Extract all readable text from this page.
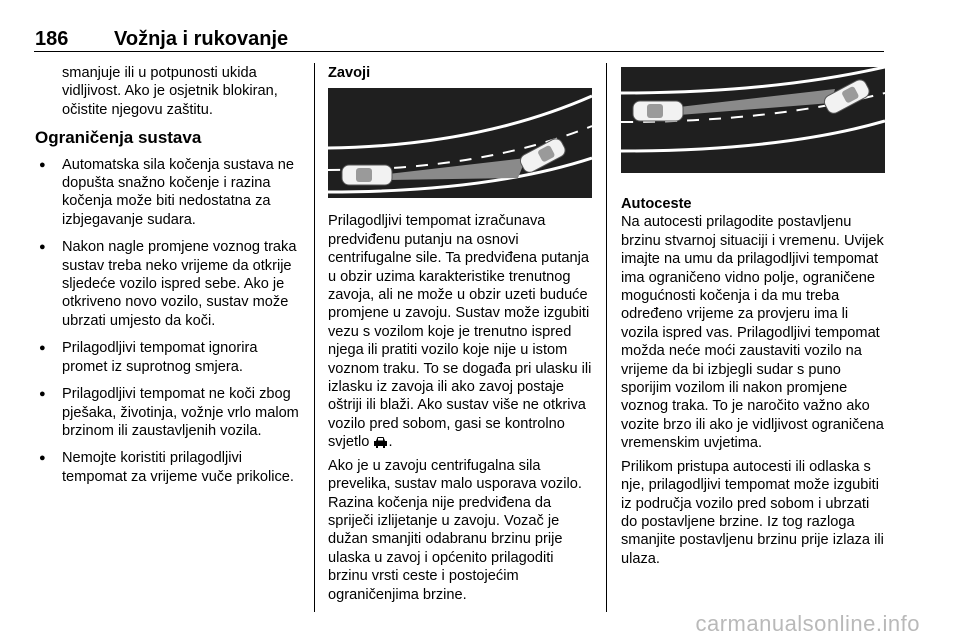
186 Vožnja i rukovanje

smanjuje ili u potpunosti ukida vidljivost. Ako je osjetnik blokiran, očistite njegovu zaštitu.

Ograničenja sustava
● Automatska sila kočenja sustava ne dopušta snažno kočenje i razina kočenja može biti nedostatna za izbjegavanje sudara.
● Nakon nagle promjene voznog traka sustav treba neko vrijeme da otkrije sljedeće vozilo ispred sebe. Ako je otkriveno novo vozilo, sustav može ubrzati umjesto da koči.
● Prilagodljivi tempomat ignorira promet iz suprotnog smjera.
● Prilagodljivi tempomat ne koči zbog pješaka, životinja, vožnje vrlo malom brzinom ili zaustavljenih vozila.
● Nemojte koristiti prilagodljivi tempomat za vrijeme vuče prikolice.
Zavoji

Prilagodljivi tempomat izračunava predviđenu putanju na osnovi centrifugalne sile. Ta predviđena putanja u obzir uzima karakteristike trenutnog zavoja, ali ne može u obzir uzeti buduće promjene u zavoju. Sustav može izgubiti vezu s vozilom koje je trenutno ispred njega ili pratiti vozilo koje nije u istom voznom traku. To se događa pri ulasku ili izlasku iz zavoja ili ako zavoj postaje oštriji ili blaži. Ako sustav više ne otkriva vozilo pred sobom, gasi se kontrolno svjetlo .

Ako je u zavoju centrifugalna sila prevelika, sustav malo usporava vozilo. Razina kočenja nije predviđena da spriječi izlijetanje u zavoju. Vozač je dužan smanjiti odabranu brzinu prije ulaska u zavoj i općenito prilagoditi brzinu vrsti ceste i postojećim ograničenjima brzine.

Autoceste

Na autocesti prilagodite postavljenu brzinu stvarnoj situaciji i vremenu. Uvijek imajte na umu da prilagodljivi tempomat ima ograničeno vidno polje, ograničene mogućnosti kočenja i da mu treba određeno vrijeme za provjeru ima li vozila ispred vas. Prilagodljivi tempomat možda neće moći zaustaviti vozilo na vrijeme da bi izbjegli sudar s puno sporijim vozilom ili nakon promjene voznog traka. To je naročito važno ako vozite brzo ili ako je vidljivost ograničena vremenskim uvjetima.

Prilikom pristupa autocesti ili odlaska s nje, prilagodljivi tempomat može izgubiti iz područja vozilo pred sobom i ubrzati do postavljene brzine. Iz tog razloga smanjite postavljenu brzinu prije izlaza ili ulaza.

carmanualsonline.info
